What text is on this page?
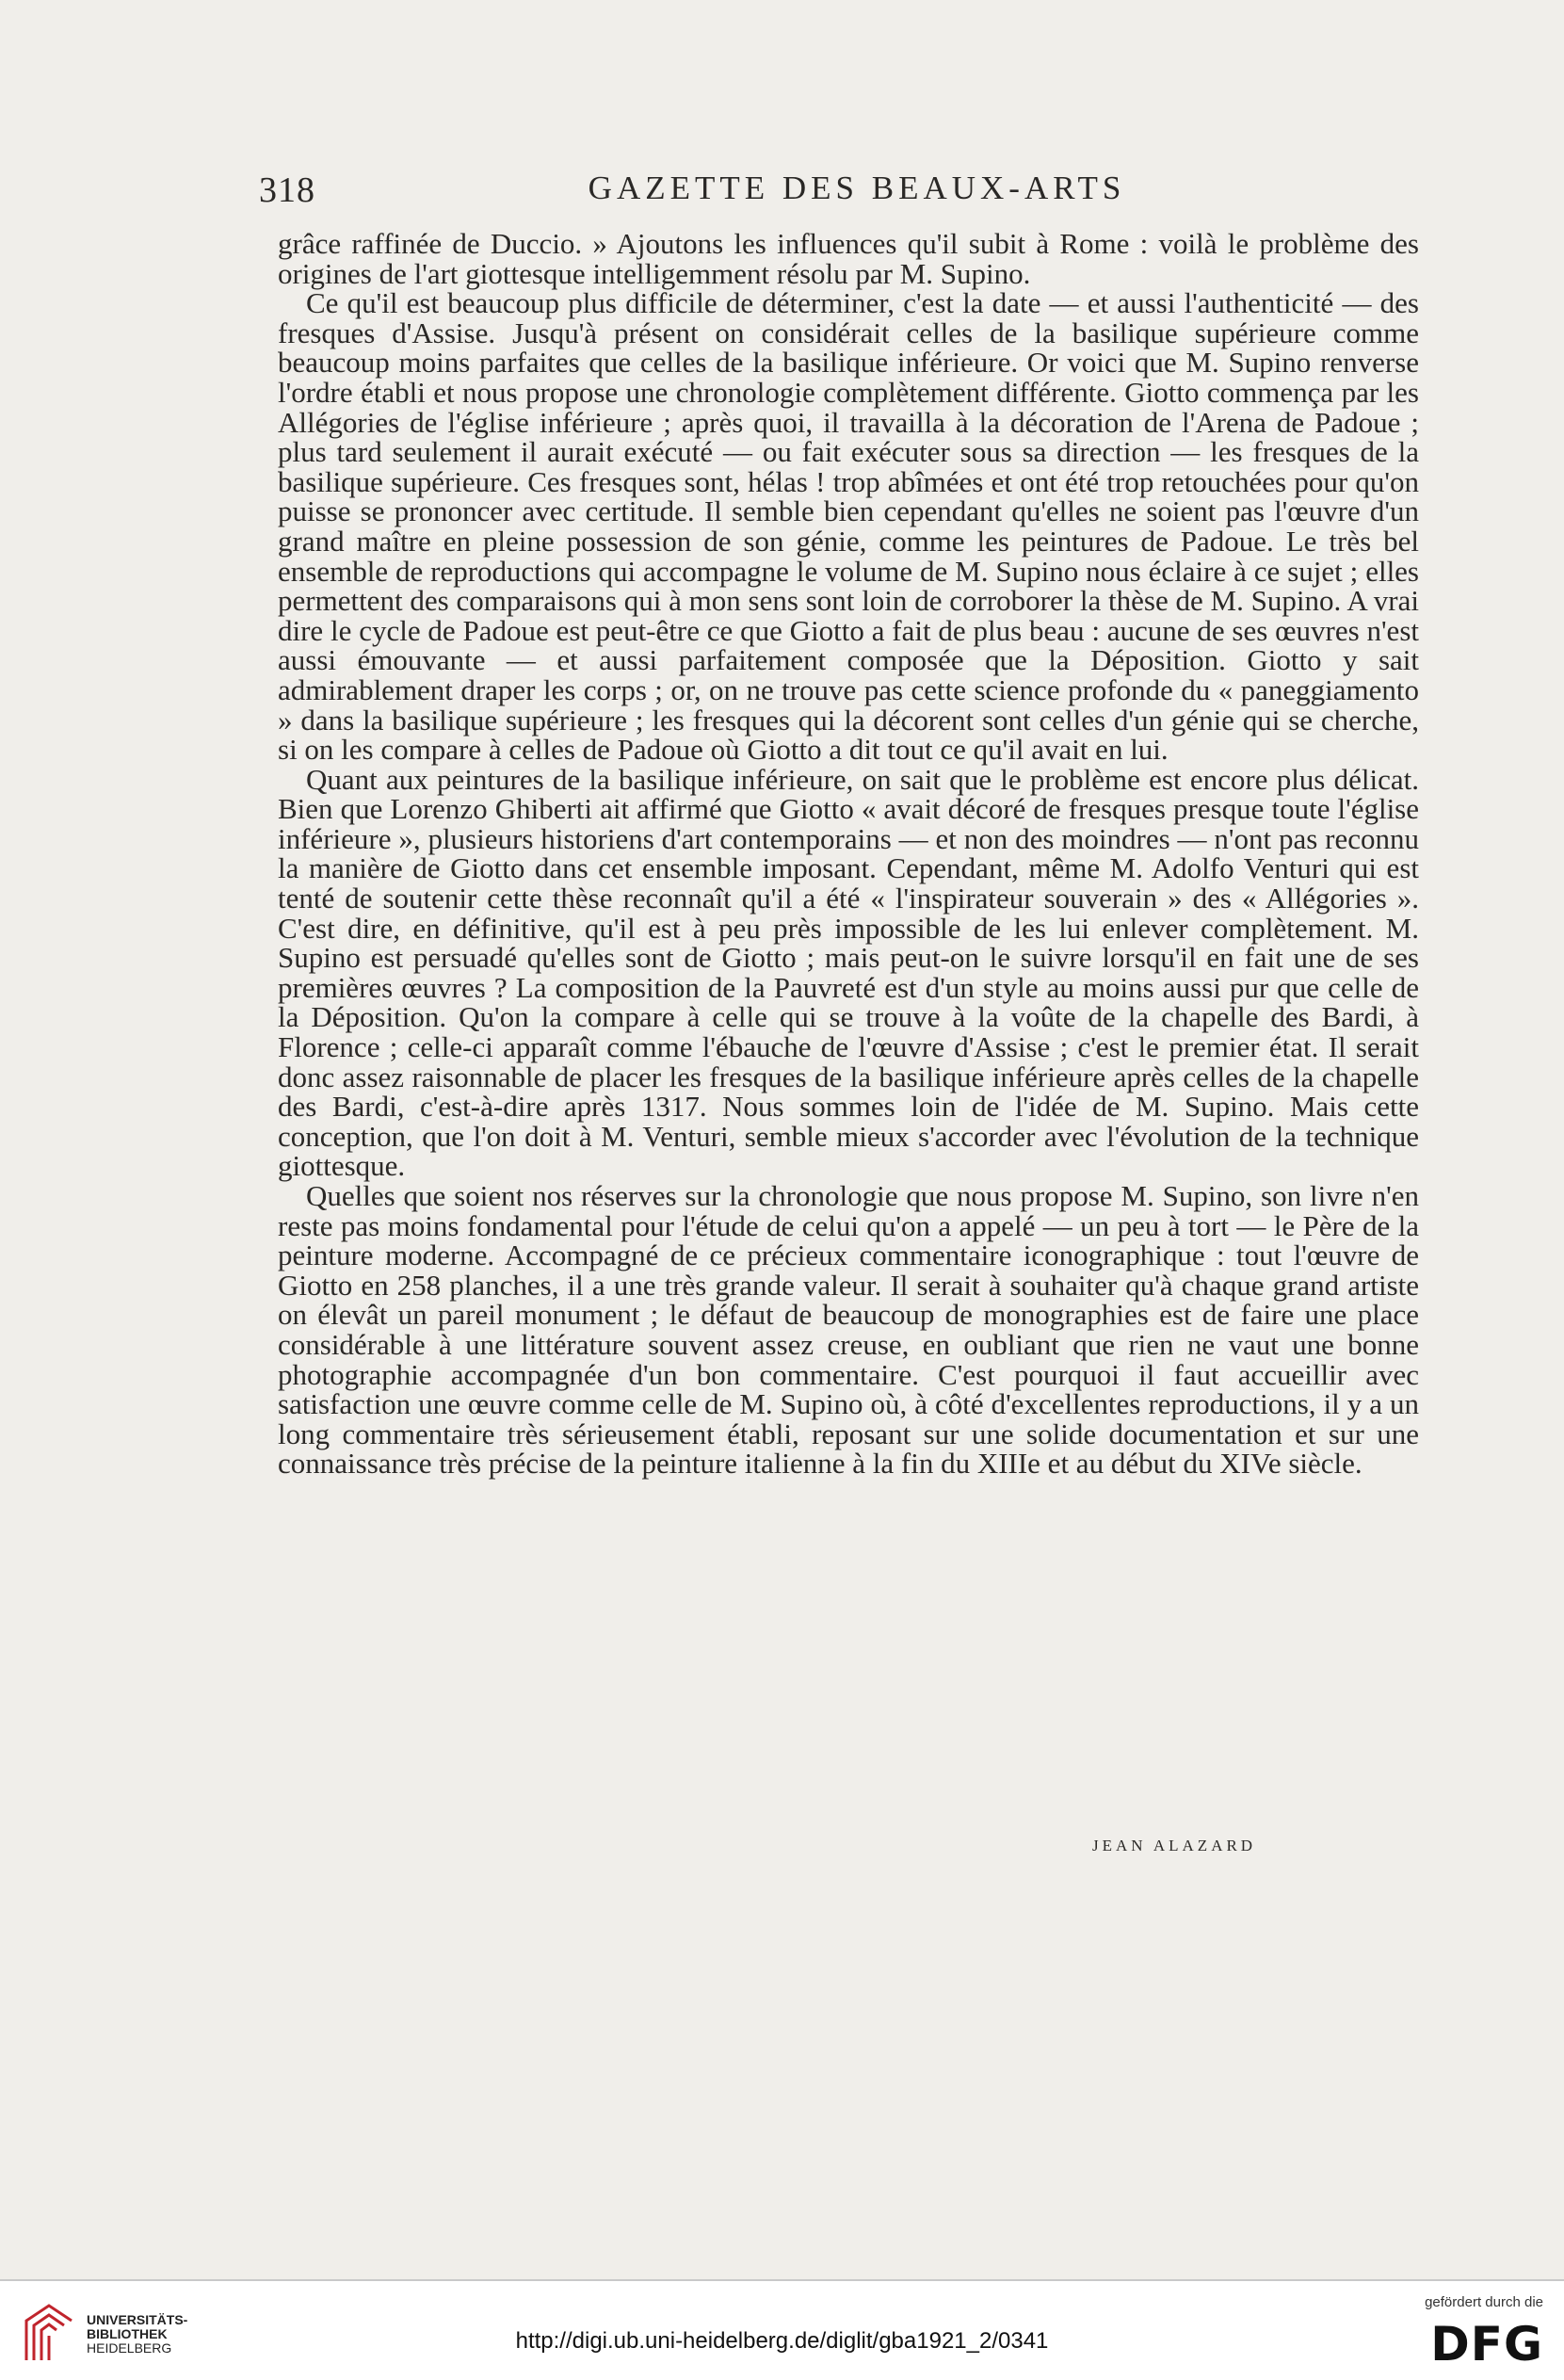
318	GAZETTE DES BEAUX-ARTS

grâce raffinée de Duccio. » Ajoutons les influences qu'il subit à Rome : voilà le problème des origines de l'art giottesque intelligemment résolu par M. Supino.

Ce qu'il est beaucoup plus difficile de déterminer, c'est la date — et aussi l'authenticité — des fresques d'Assise. Jusqu'à présent on considérait celles de la basilique supérieure comme beaucoup moins parfaites que celles de la basilique inférieure. Or voici que M. Supino renverse l'ordre établi et nous propose une chronologie complètement différente. Giotto commença par les Allégories de l'église inférieure ; après quoi, il travailla à la décoration de l'Arena de Padoue ; plus tard seulement il aurait exécuté — ou fait exécuter sous sa direction — les fresques de la basilique supérieure. Ces fresques sont, hélas ! trop abîmées et ont été trop retouchées pour qu'on puisse se prononcer avec certitude. Il semble bien cependant qu'elles ne soient pas l'œuvre d'un grand maître en pleine possession de son génie, comme les peintures de Padoue. Le très bel ensemble de reproductions qui accompagne le volume de M. Supino nous éclaire à ce sujet ; elles permettent des comparaisons qui à mon sens sont loin de corroborer la thèse de M. Supino. A vrai dire le cycle de Padoue est peut-être ce que Giotto a fait de plus beau : aucune de ses œuvres n'est aussi émouvante — et aussi parfaitement composée que la Déposition. Giotto y sait admirablement draper les corps ; or, on ne trouve pas cette science profonde du « paneggiamento » dans la basilique supérieure ; les fresques qui la décorent sont celles d'un génie qui se cherche, si on les compare à celles de Padoue où Giotto a dit tout ce qu'il avait en lui.

Quant aux peintures de la basilique inférieure, on sait que le problème est encore plus délicat. Bien que Lorenzo Ghiberti ait affirmé que Giotto « avait décoré de fresques presque toute l'église inférieure », plusieurs historiens d'art contemporains — et non des moindres — n'ont pas reconnu la manière de Giotto dans cet ensemble imposant. Cependant, même M. Adolfo Venturi qui est tenté de soutenir cette thèse reconnaît qu'il a été « l'inspirateur souverain » des « Allégories ». C'est dire, en définitive, qu'il est à peu près impossible de les lui enlever complètement. M. Supino est persuadé qu'elles sont de Giotto ; mais peut-on le suivre lorsqu'il en fait une de ses premières œuvres ? La composition de la Pauvreté est d'un style au moins aussi pur que celle de la Déposition. Qu'on la compare à celle qui se trouve à la voûte de la chapelle des Bardi, à Florence ; celle-ci apparaît comme l'ébauche de l'œuvre d'Assise ; c'est le premier état. Il serait donc assez raisonnable de placer les fresques de la basilique inférieure après celles de la chapelle des Bardi, c'est-à-dire après 1317. Nous sommes loin de l'idée de M. Supino. Mais cette conception, que l'on doit à M. Venturi, semble mieux s'accorder avec l'évolution de la technique giottesque.

Quelles que soient nos réserves sur la chronologie que nous propose M. Supino, son livre n'en reste pas moins fondamental pour l'étude de celui qu'on a appelé — un peu à tort — le Père de la peinture moderne. Accompagné de ce précieux commentaire iconographique : tout l'œuvre de Giotto en 258 planches, il a une très grande valeur. Il serait à souhaiter qu'à chaque grand artiste on élevât un pareil monument ; le défaut de beaucoup de monographies est de faire une place considérable à une littérature souvent assez creuse, en oubliant que rien ne vaut une bonne photographie accompagnée d'un bon commentaire. C'est pourquoi il faut accueillir avec satisfaction une œuvre comme celle de M. Supino où, à côté d'excellentes reproductions, il y a un long commentaire très sérieusement établi, reposant sur une solide documentation et sur une connaissance très précise de la peinture italienne à la fin du XIIIe et au début du XIVe siècle.

JEAN ALAZARD
UNIVERSITÄTS-
BIBLIOTHEK
HEIDELBERG	http://digi.ub.uni-heidelberg.de/diglit/gba1921_2/0341
gefördert durch die
DFG
